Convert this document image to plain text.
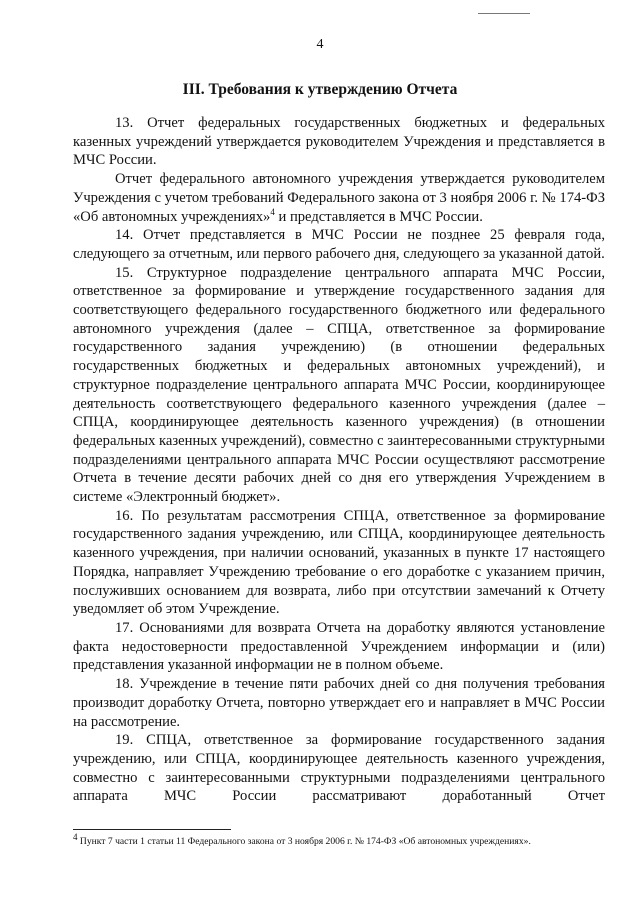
4
III. Требования к утверждению Отчета

13. Отчет федеральных государственных бюджетных и федеральных казенных учреждений утверждается руководителем Учреждения и представляется в МЧС России.

Отчет федерального автономного учреждения утверждается руководителем Учреждения с учетом требований Федерального закона от 3 ноября 2006 г. № 174-ФЗ «Об автономных учреждениях»$^4$ и представляется в МЧС России.

14. Отчет представляется в МЧС России не позднее 25 февраля года, следующего за отчетным, или первого рабочего дня, следующего за указанной датой.

15. Структурное подразделение центрального аппарата МЧС России, ответственное за формирование и утверждение государственного задания для соответствующего федерального государственного бюджетного или федерального автономного учреждения (далее – СПЦА, ответственное за формирование государственного задания учреждению) (в отношении федеральных государственных бюджетных и федеральных автономных учреждений), и структурное подразделение центрального аппарата МЧС России, координирующее деятельность соответствующего федерального казенного учреждения (далее – СПЦА, координирующее деятельность казенного учреждения) (в отношении федеральных казенных учреждений), совместно с заинтересованными структурными подразделениями центрального аппарата МЧС России осуществляют рассмотрение Отчета в течение десяти рабочих дней со дня его утверждения Учреждением в системе «Электронный бюджет».

16. По результатам рассмотрения СПЦА, ответственное за формирование государственного задания учреждению, или СПЦА, координирующее деятельность казенного учреждения, при наличии оснований, указанных в пункте 17 настоящего Порядка, направляет Учреждению требование о его доработке с указанием причин, послуживших основанием для возврата, либо при отсутствии замечаний к Отчету уведомляет об этом Учреждение.

17. Основаниями для возврата Отчета на доработку являются установление факта недостоверности предоставленной Учреждением информации и (или) представления указанной информации не в полном объеме.

18. Учреждение в течение пяти рабочих дней со дня получения требования производит доработку Отчета, повторно утверждает его и направляет в МЧС России на рассмотрение.

19. СПЦА, ответственное за формирование государственного задания учреждению, или СПЦА, координирующее деятельность казенного учреждения, совместно с заинтересованными структурными подразделениями центрального аппарата МЧС России рассматривают доработанный Отчет

$^4$ Пункт 7 части 1 статьи 11 Федерального закона от 3 ноября 2006 г. № 174-ФЗ «Об автономных учреждениях».
